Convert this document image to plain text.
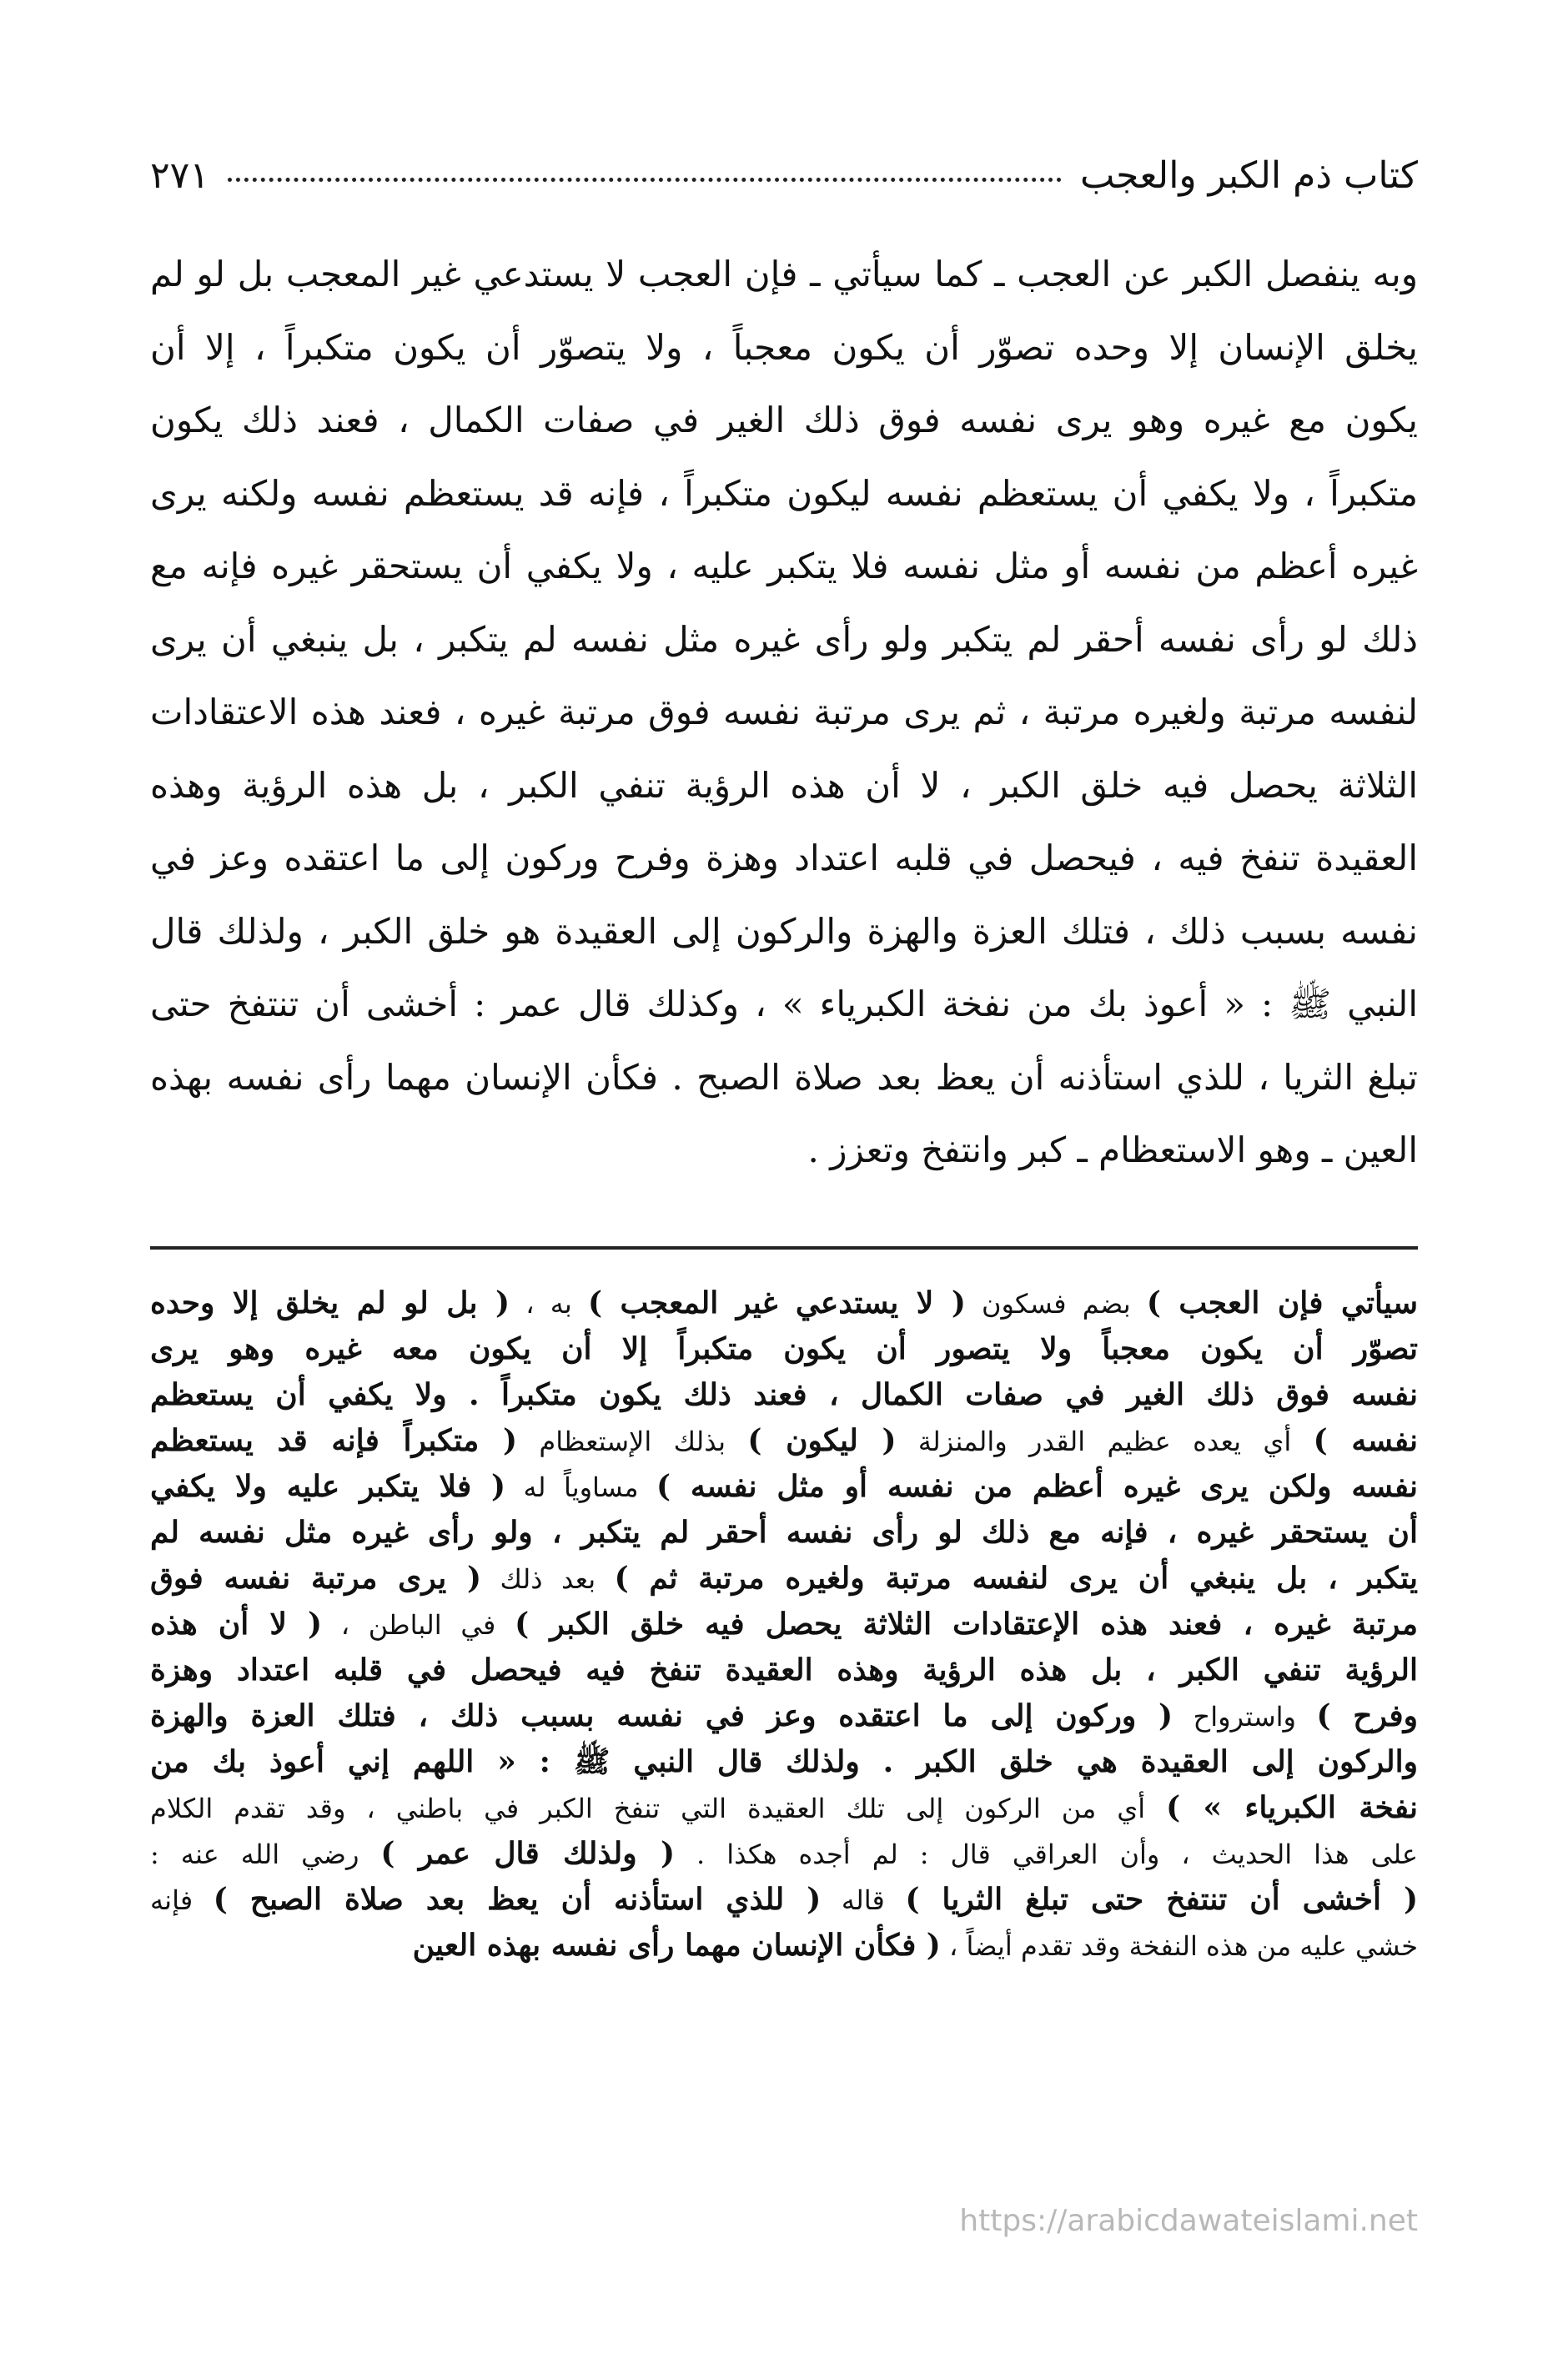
كتاب ذم الكبر والعجب
٢٧١
وبه ينفصل الكبر عن العجب ـ كما سيأتي ـ فإن العجب لا يستدعي غير المعجب بل لو لم
يخلق الإنسان إلا وحده تصوّر أن يكون معجباً ، ولا يتصوّر أن يكون متكبراً ، إلا أن
يكون مع غيره وهو يرى نفسه فوق ذلك الغير في صفات الكمال ، فعند ذلك يكون
متكبراً ، ولا يكفي أن يستعظم نفسه ليكون متكبراً ، فإنه قد يستعظم نفسه ولكنه يرى
غيره أعظم من نفسه أو مثل نفسه فلا يتكبر عليه ، ولا يكفي أن يستحقر غيره فإنه مع
ذلك لو رأى نفسه أحقر لم يتكبر ولو رأى غيره مثل نفسه لم يتكبر ، بل ينبغي أن يرى
لنفسه مرتبة ولغيره مرتبة ، ثم يرى مرتبة نفسه فوق مرتبة غيره ، فعند هذه الاعتقادات
الثلاثة يحصل فيه خلق الكبر ، لا أن هذه الرؤية تنفي الكبر ، بل هذه الرؤية وهذه
العقيدة تنفخ فيه ، فيحصل في قلبه اعتداد وهزة وفرح وركون إلى ما اعتقده وعز في
نفسه بسبب ذلك ، فتلك العزة والهزة والركون إلى العقيدة هو خلق الكبر ، ولذلك قال
النبي ﷺ : « أعوذ بك من نفخة الكبرياء » ، وكذلك قال عمر : أخشى أن تنتفخ حتى
تبلغ الثريا ، للذي استأذنه أن يعظ بعد صلاة الصبح . فكأن الإنسان مهما رأى نفسه بهذه
العين ـ وهو الاستعظام ـ كبر وانتفخ وتعزز .
سيأتي فإن العجب ) بضم فسكون ( لا يستدعي غير المعجب ) به ، ( بل لو لم يخلق إلا وحده
تصوّر أن يكون معجباً ولا يتصور أن يكون متكبراً إلا أن يكون معه غيره وهو يرى
نفسه فوق ذلك الغير في صفات الكمال ، فعند ذلك يكون متكبراً . ولا يكفي أن يستعظم
نفسه ) أي يعده عظيم القدر والمنزلة ( ليكون ) بذلك الإستعظام ( متكبراً فإنه قد يستعظم
نفسه ولكن يرى غيره أعظم من نفسه أو مثل نفسه ) مساوياً له ( فلا يتكبر عليه ولا يكفي
أن يستحقر غيره ، فإنه مع ذلك لو رأى نفسه أحقر لم يتكبر ، ولو رأى غيره مثل نفسه لم
يتكبر ، بل ينبغي أن يرى لنفسه مرتبة ولغيره مرتبة ثم ) بعد ذلك ( يرى مرتبة نفسه فوق
مرتبة غيره ، فعند هذه الإعتقادات الثلاثة يحصل فيه خلق الكبر ) في الباطن ، ( لا أن هذه
الرؤية تنفي الكبر ، بل هذه الرؤية وهذه العقيدة تنفخ فيه فيحصل في قلبه اعتداد وهزة
وفرح ) واسترواح ( وركون إلى ما اعتقده وعز في نفسه بسبب ذلك ، فتلك العزة والهزة
والركون إلى العقيدة هي خلق الكبر . ولذلك قال النبي ﷺ : « اللهم إني أعوذ بك من
نفخة الكبرياء » ) أي من الركون إلى تلك العقيدة التي تنفخ الكبر في باطني ، وقد تقدم الكلام
على هذا الحديث ، وأن العراقي قال : لم أجده هكذا . ( ولذلك قال عمر ) رضي الله عنه :
( أخشى أن تنتفخ حتى تبلغ الثريا ) قاله ( للذي استأذنه أن يعظ بعد صلاة الصبح ) فإنه
خشي عليه من هذه النفخة وقد تقدم أيضاً ، ( فكأن الإنسان مهما رأى نفسه بهذه العين
https://arabicdawateislami.net
